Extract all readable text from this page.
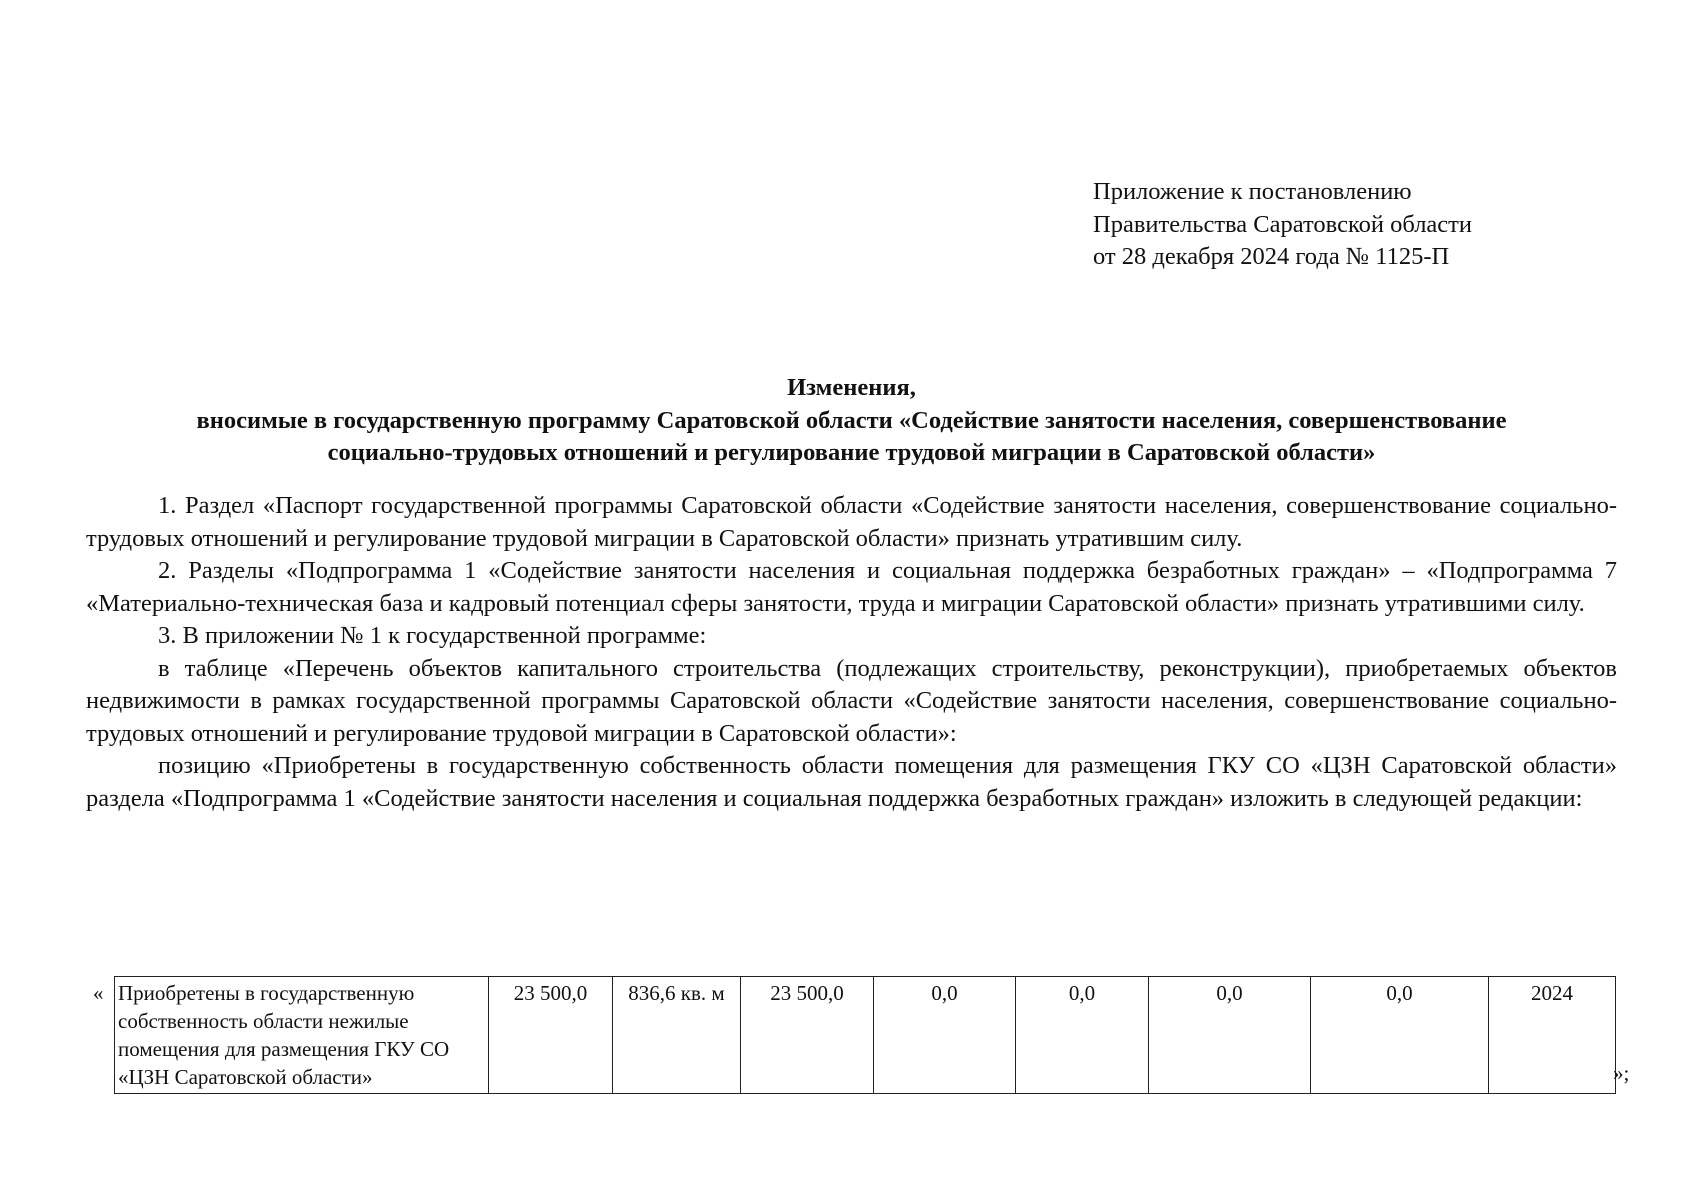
Приложение к постановлению
Правительства Саратовской области
от 28 декабря 2024 года № 1125-П
Изменения,
вносимые в государственную программу Саратовской области «Содействие занятости населения, совершенствование
социально-трудовых отношений и регулирование трудовой миграции в Саратовской области»

1. Раздел «Паспорт государственной программы Саратовской области «Содействие занятости населения, совершенствование социально-трудовых отношений и регулирование трудовой миграции в Саратовской области» признать утратившим силу.

2. Разделы «Подпрограмма 1 «Содействие занятости населения и социальная поддержка безработных граждан» – «Подпрограмма 7 «Материально-техническая база и кадровый потенциал сферы занятости, труда и миграции Саратовской области» признать утратившими силу.

3. В приложении № 1 к государственной программе:

в таблице «Перечень объектов капитального строительства (подлежащих строительству, реконструкции), приобретаемых объектов недвижимости в рамках государственной программы Саратовской области «Содействие занятости населения, совершенствование социально-трудовых отношений и регулирование трудовой миграции в Саратовской области»:

позицию «Приобретены в государственную собственность области помещения для размещения ГКУ СО «ЦЗН Саратовской области» раздела «Подпрограмма 1 «Содействие занятости населения и социальная поддержка безработных граждан» изложить в следующей редакции:

« Приобретены в государственную собственность области нежилые помещения для размещения ГКУ СО «ЦЗН Саратовской области»	23 500,0	836,6 кв. м	23 500,0	0,0	0,0	0,0	0,0	2024
»;
